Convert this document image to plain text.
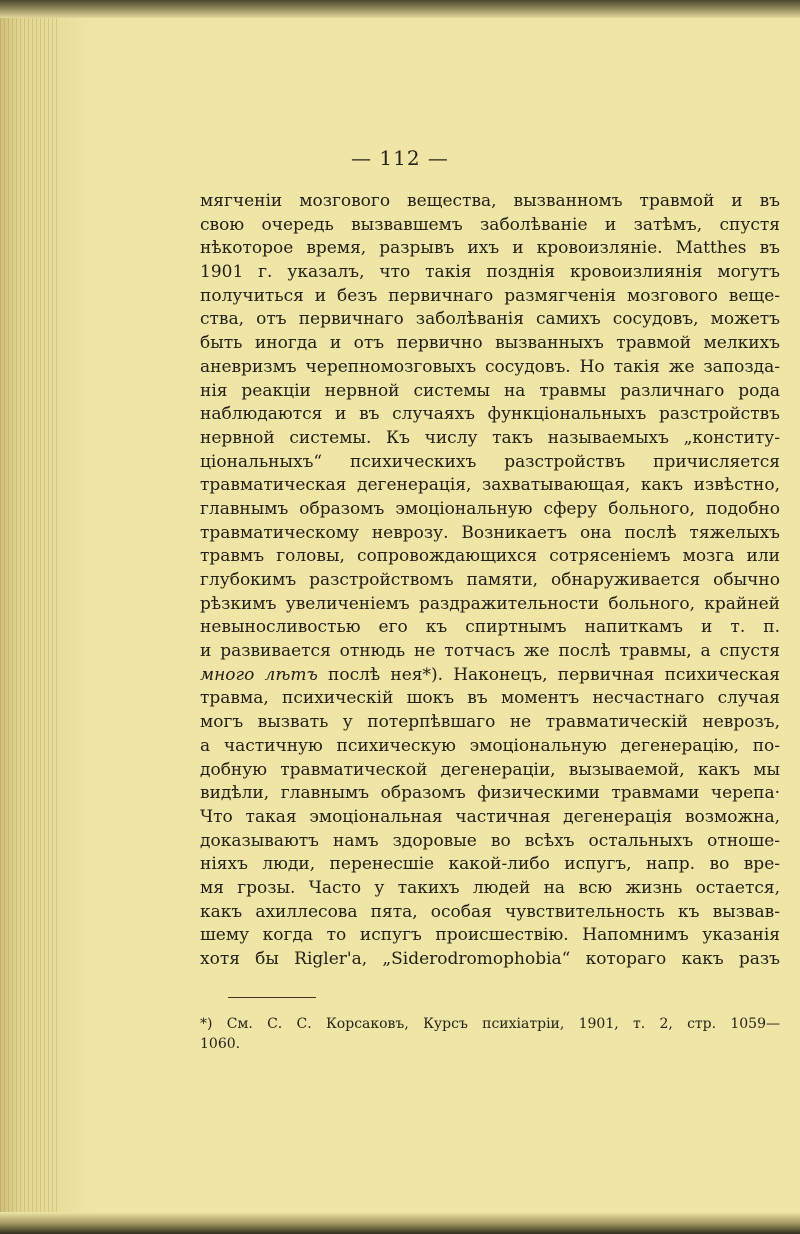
— 112 —
мягченіи мозгового вещества, вызванномъ травмой и въ
свою очередь вызвавшемъ заболѣваніе и затѣмъ, спустя
нѣкоторое время, разрывъ ихъ и кровоизляніе. Matthes въ
1901 г. указалъ, что такія позднія кровоизлиянія могутъ
получиться и безъ первичнаго размягченія мозгового веще-
ства, отъ первичнаго заболѣванія самихъ сосудовъ, можетъ
быть иногда и отъ первично вызванныхъ травмой мелкихъ
аневризмъ черепномозговыхъ сосудовъ. Но такія же запозда-
нія реакціи нервной системы на травмы различнаго рода
наблюдаются и въ случаяхъ функціональныхъ разстройствъ
нервной системы. Къ числу такъ называемыхъ „конститу-
ціональныхъ“ психическихъ разстройствъ причисляется
травматическая дегенерація, захватывающая, какъ извѣстно,
главнымъ образомъ эмоціональную сферу больного, подобно
травматическому неврозу. Возникаетъ она послѣ тяжелыхъ
травмъ головы, сопровождающихся сотрясеніемъ мозга или
глубокимъ разстройствомъ памяти, обнаруживается обычно
рѣзкимъ увеличеніемъ раздражительности больного, крайней
невыносливостью его къ спиртнымъ напиткамъ и т. п.
и развивается отнюдь не тотчасъ же послѣ травмы, а спустя
много лѣтъ послѣ нея*). Наконецъ, первичная психическая
травма, психическій шокъ въ моментъ несчастнаго случая
могъ вызвать у потерпѣвшаго не травматическій неврозъ,
а частичную психическую эмоціональную дегенерацію, по-
добную травматической дегенераціи, вызываемой, какъ мы
видѣли, главнымъ образомъ физическими травмами черепа·
Что такая эмоціональная частичная дегенерація возможна,
доказываютъ намъ здоровые во всѣхъ остальныхъ отноше-
ніяхъ люди, перенесшіе какой-либо испугъ, напр. во вре-
мя грозы. Часто у такихъ людей на всю жизнь остается,
какъ ахиллесова пята, особая чувствительность къ вызвав-
шему когда то испугъ происшествію. Напомнимъ указанія
хотя бы Rigler'а, „Siderodromophobia“ котораго какъ разъ
*) См. С. С. Корсаковъ, Курсъ психіатріи, 1901, т. 2, стр. 1059—
1060.
